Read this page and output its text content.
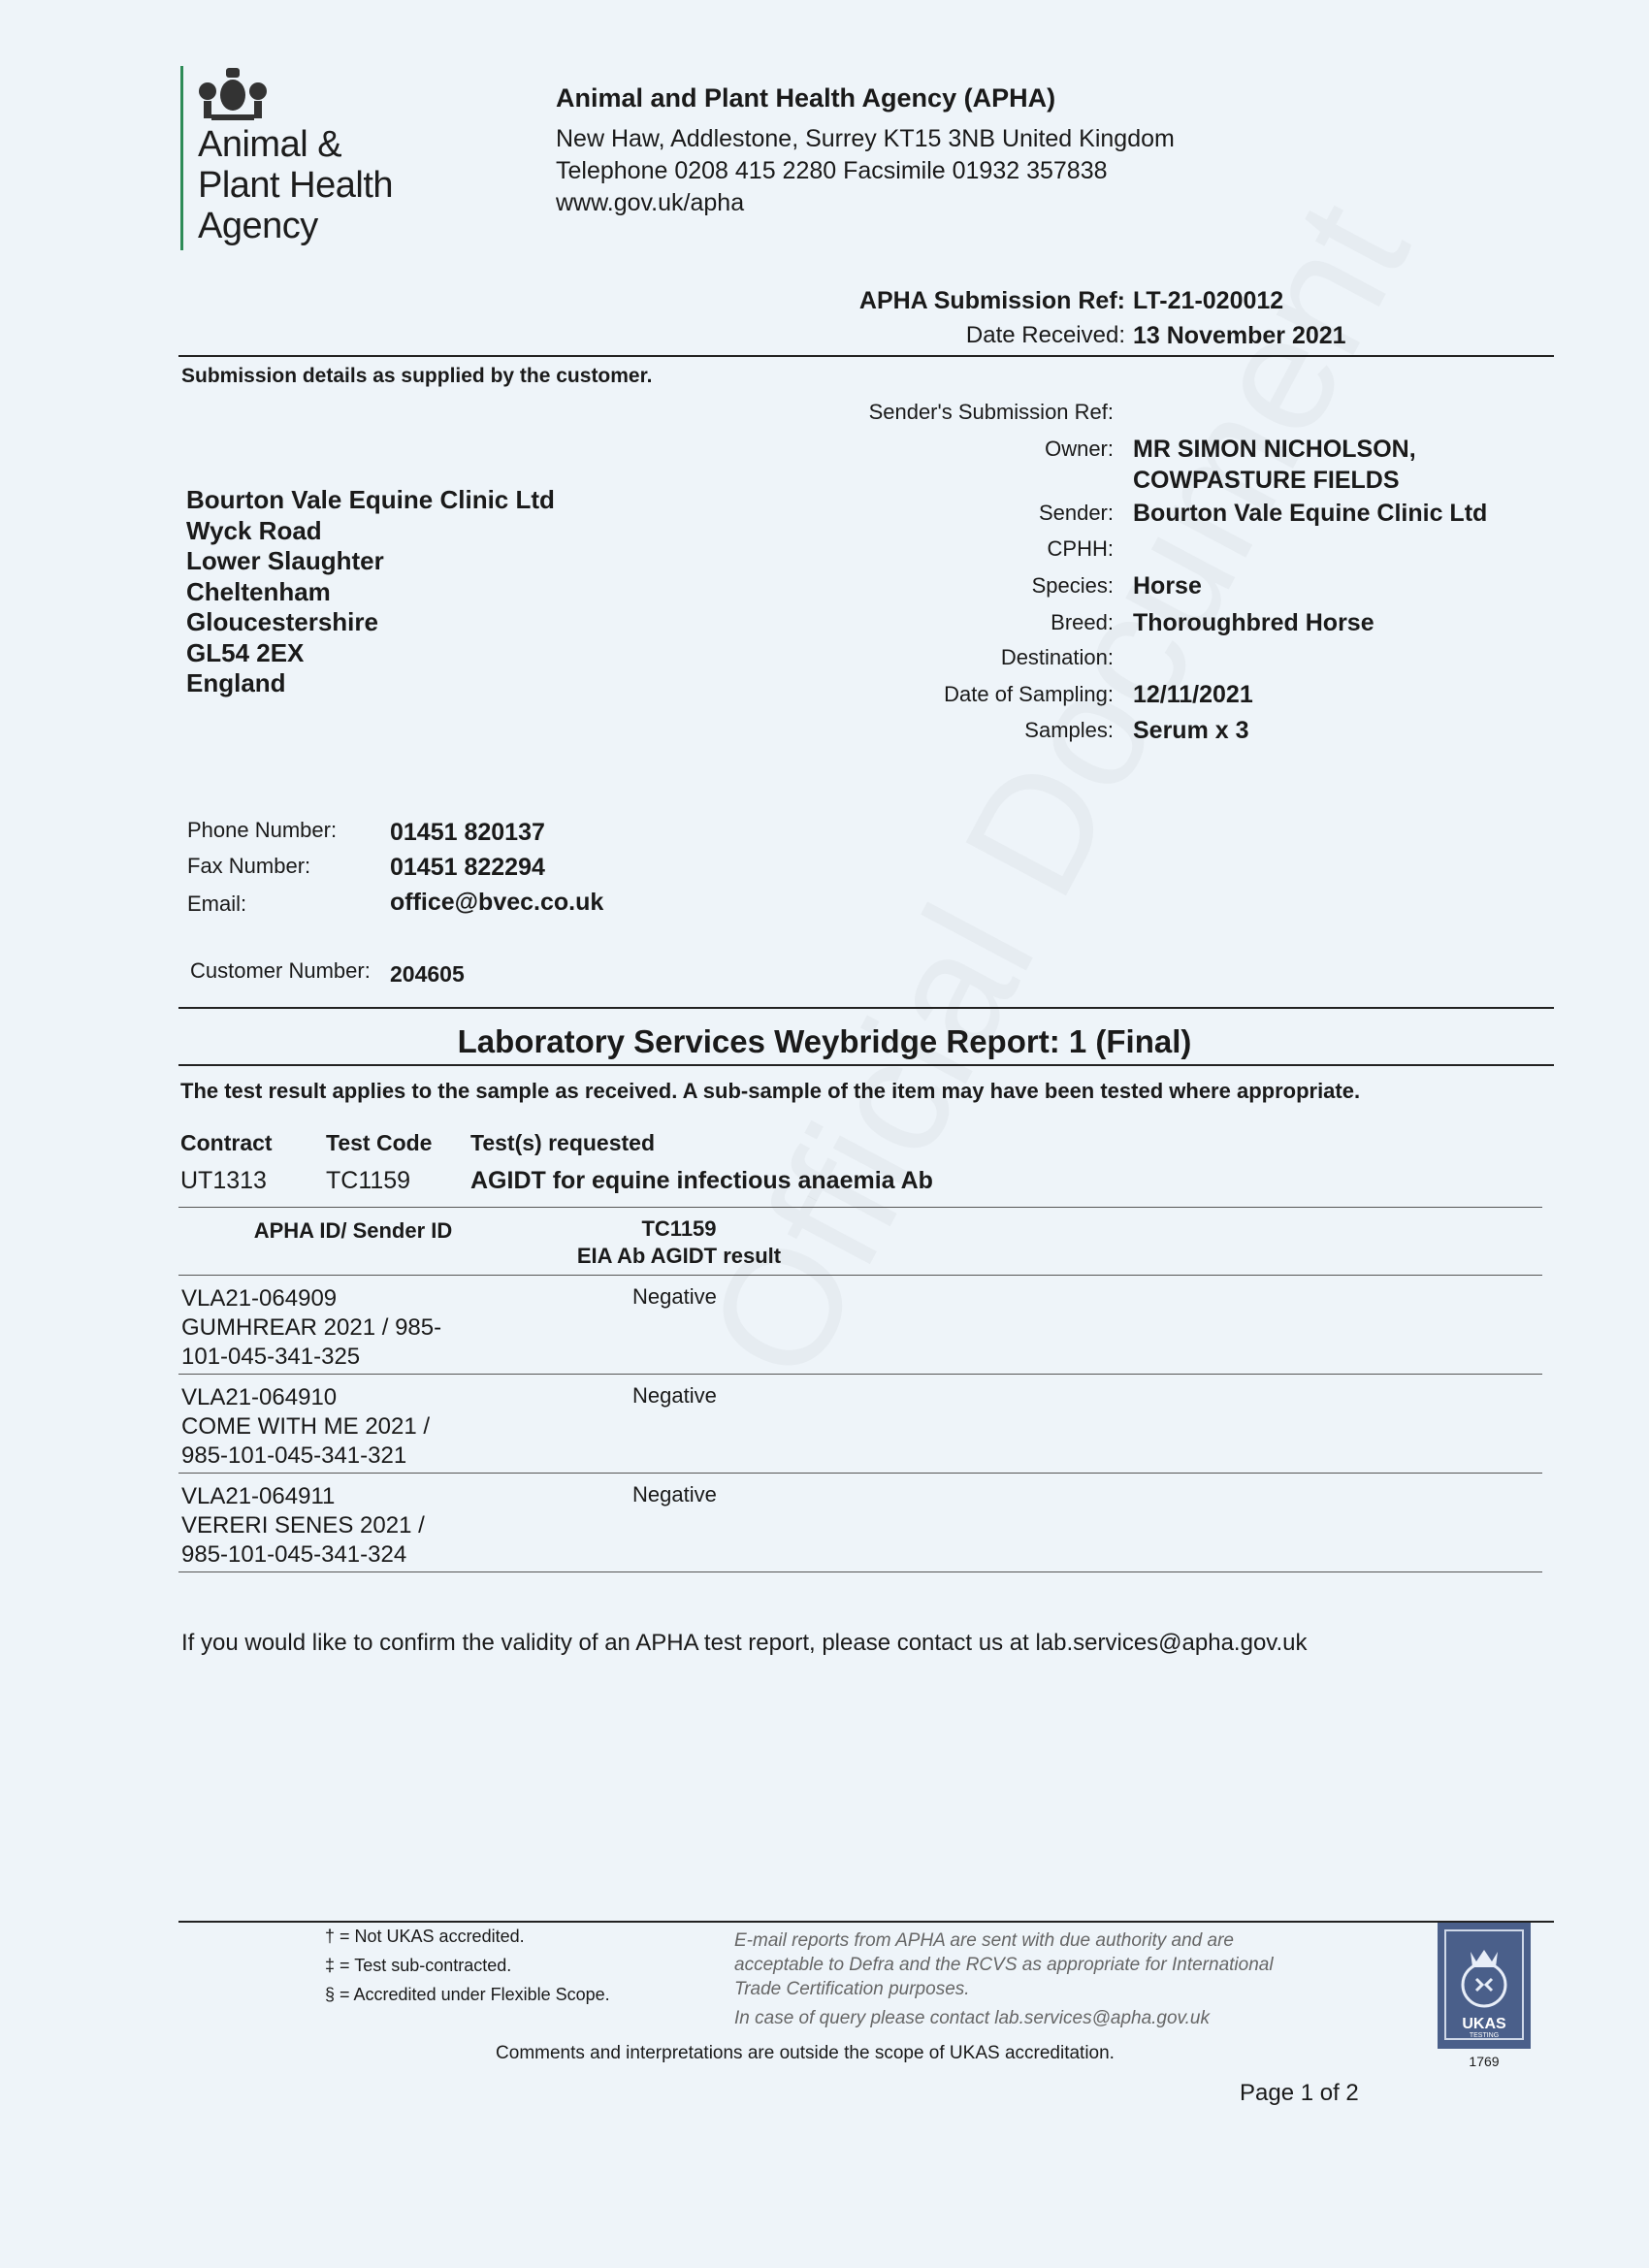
Animal &
Plant Health
Agency
Animal and Plant Health Agency (APHA)
New Haw, Addlestone, Surrey KT15 3NB United Kingdom
Telephone 0208 415 2280 Facsimile 01932 357838
www.gov.uk/apha
APHA Submission Ref: LT-21-020012
Date Received: 13 November 2021
Submission details as supplied by the customer.
Sender's Submission Ref:
Owner: MR SIMON NICHOLSON,
COWPASTURE FIELDS
Sender: Bourton Vale Equine Clinic Ltd
CPHH:
Species: Horse
Breed: Thoroughbred Horse
Destination:
Date of Sampling: 12/11/2021
Samples: Serum x 3
Bourton Vale Equine Clinic Ltd
Wyck Road
Lower Slaughter
Cheltenham
Gloucestershire
GL54 2EX
England
Phone Number: 01451 820137
Fax Number:	01451 822294
Email:	office@bvec.co.uk
Customer Number: 204605
Laboratory Services Weybridge Report: 1 (Final)
The test result applies to the sample as received. A sub-sample of the item may have been tested where appropriate.
Contract Test Code Test(s) requested
UT1313 TC1159 AGIDT for equine infectious anaemia Ab
APHA ID/ Sender ID	TC1159
EIA Ab AGIDT result
VLA21-064909
GUMHREAR 2021 / 985-
101-045-341-325
Negative
VLA21-064910
COME WITH ME 2021 /
985-101-045-341-321
Negative
VLA21-064911
VERERI SENES 2021 /
985-101-045-341-324
Negative
If you would like to confirm the validity of an APHA test report, please contact us at lab.services@apha.gov.uk
† = Not UKAS accredited.
‡ = Test sub-contracted.
§ = Accredited under Flexible Scope.
E-mail reports from APHA are sent with due authority and are
acceptable to Defra and the RCVS as appropriate for International
Trade Certification purposes.
In case of query please contact lab.services@apha.gov.uk
Comments and interpretations are outside the scope of UKAS accreditation.
UKAS
TESTING
1769
Page 1 of 2
